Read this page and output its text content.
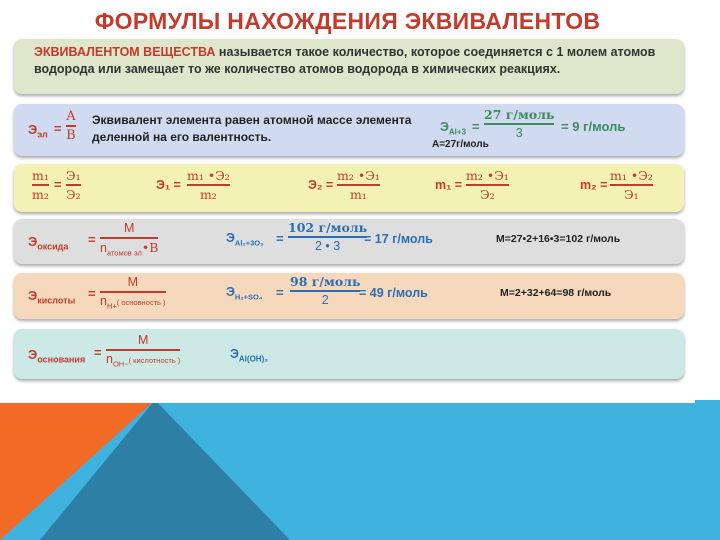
ФОРМУЛЫ НАХОЖДЕНИЯ ЭКВИВАЛЕНТОВ
ЭКВИВАЛЕНТОМ ВЕЩЕСТВА называется такое количество, которое соединяется с 1 молем атомов водорода или замещает то же количество атомов водорода в химических реакциях.
$Э_{эл}$ =
А
В
Эквивалент элемента равен атомной массе элемента деленной на его валентность.
$Э_{Al+3}$ =
27 г/моль
3	= 9 г/моль
А=27г/моль
m₁
m₂
=
Э₁
Э₂
Э₁ =
m₁ •Э₂
m₂
Э₂ =
m₂ •Э₁
m₁
m₁ =
m₂ •Э₁
Э₂
m₂ =
m₁ •Э₂
Э₁
$Э_{оксида}$ =
М
$n_{атомов эл}•В$
$Э_{Al_2+3O_3}$ =
102 г/моль
2 • 3 = 17 г/моль	M=27•2+16•3=102 г/моль
$Э_{кислоты}$ =
М
$n_{H+}$( основность )
$Э_{H_2+SO_4}$ =
98 г/моль
2 = 49 г/моль	M=2+32+64=98 г/моль
$Э_{основания}$ =
М
$n_{OH-}$( кислотность )	$Э_{Al(OH)_3}$
